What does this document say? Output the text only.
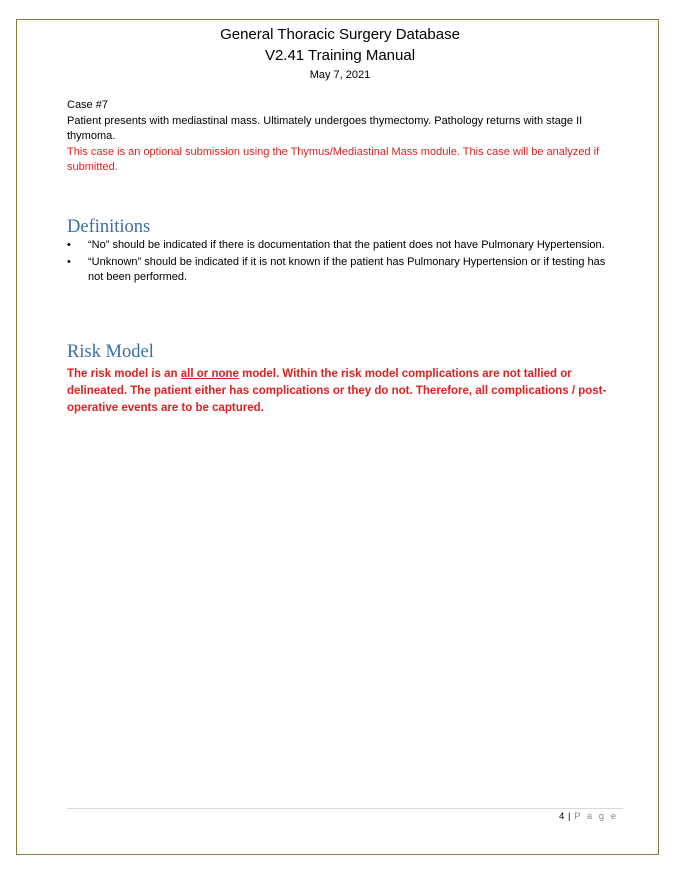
General Thoracic Surgery Database
V2.41 Training Manual
May 7, 2021
Case #7
Patient presents with mediastinal mass. Ultimately undergoes thymectomy. Pathology returns with stage II thymoma.
This case is an optional submission using the Thymus/Mediastinal Mass module. This case will be analyzed if submitted.
Definitions
• “No” should be indicated if there is documentation that the patient does not have Pulmonary Hypertension.
• “Unknown” should be indicated if it is not known if the patient has Pulmonary Hypertension or if testing has not been performed.
Risk Model
The risk model is an all or none model. Within the risk model complications are not tallied or delineated. The patient either has complications or they do not. Therefore, all complications / post-operative events are to be captured.
4 | P a g e
